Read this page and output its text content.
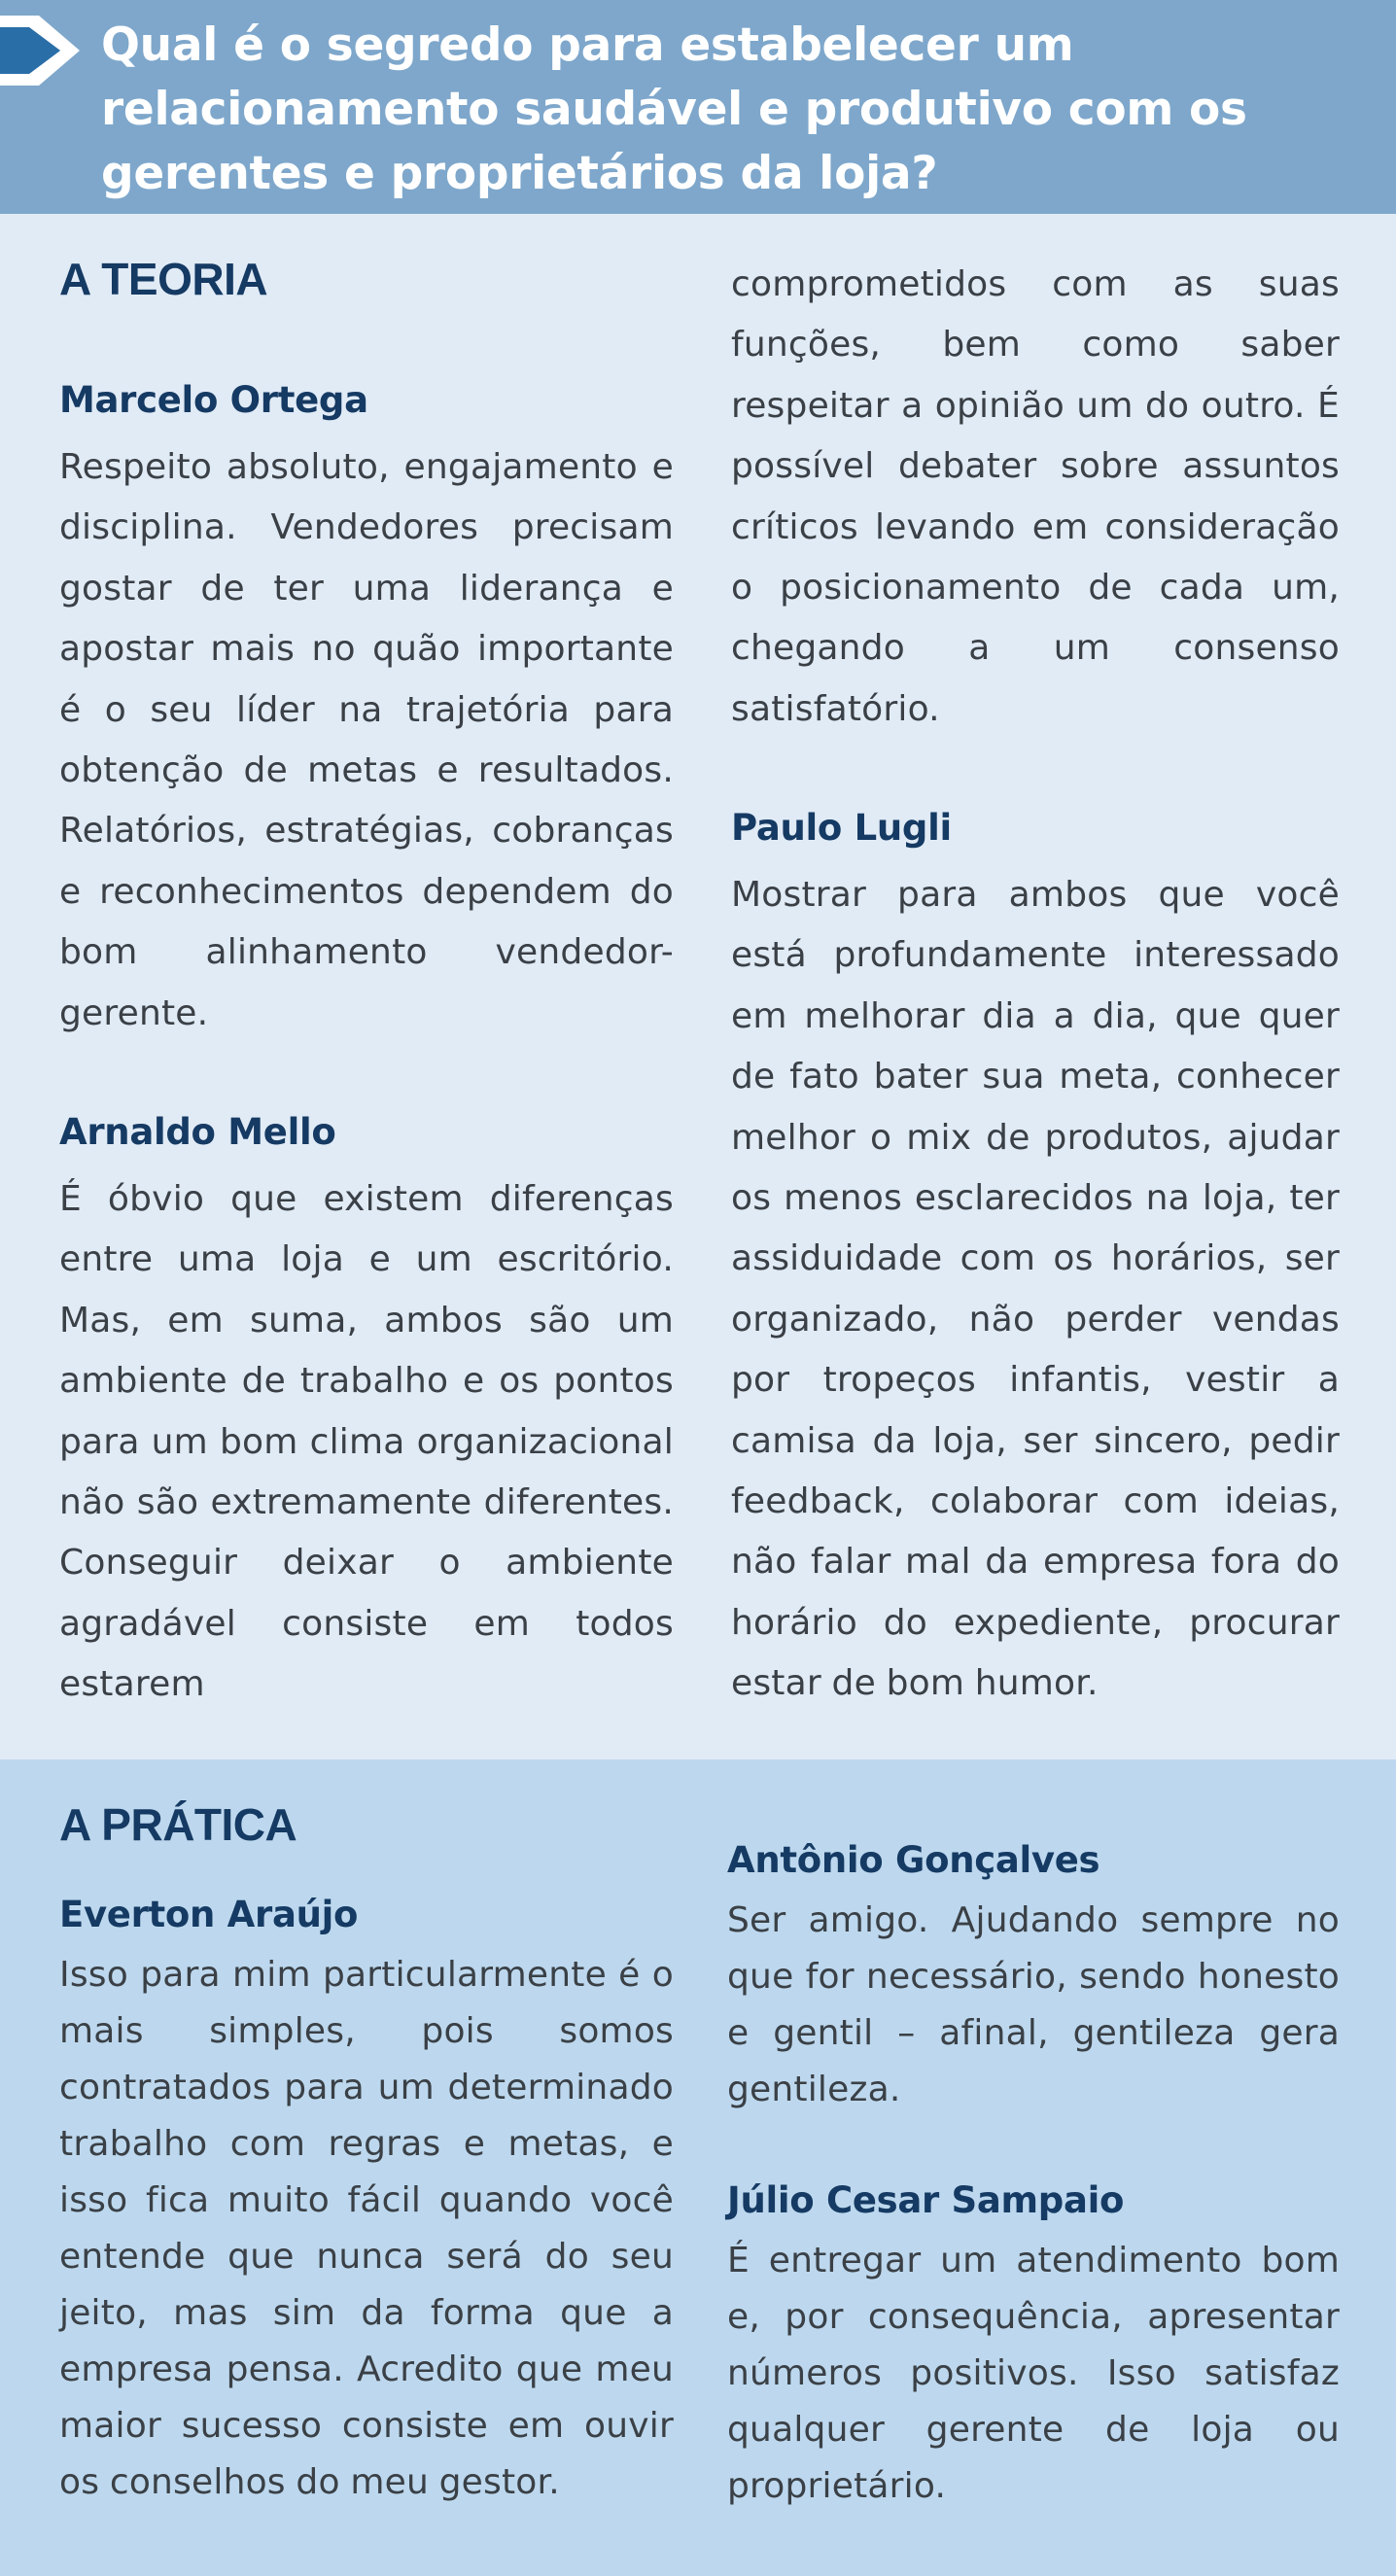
Qual é o segredo para estabelecer um relacionamento saudável e produtivo com os gerentes e proprietários da loja?
A TEORIA
Marcelo Ortega

Respeito absoluto, engajamento e disciplina. Vendedores precisam gostar de ter uma liderança e apostar mais no quão importante é o seu líder na trajetória para obtenção de metas e resultados. Relatórios, estratégias, cobranças e reconhecimentos dependem do bom alinhamento vendedor-gerente.

Arnaldo Mello

É óbvio que existem diferenças entre uma loja e um escritório. Mas, em suma, ambos são um ambiente de trabalho e os pontos para um bom clima organizacional não são extremamente diferentes. Conseguir deixar o ambiente agradável consiste em todos estarem

comprometidos com as suas funções, bem como saber respeitar a opinião um do outro. É possível debater sobre assuntos críticos levando em consideração o posicionamento de cada um, chegando a um consenso satisfatório.

Paulo Lugli

Mostrar para ambos que você está profundamente interessado em melhorar dia a dia, que quer de fato bater sua meta, conhecer melhor o mix de produtos, ajudar os menos esclarecidos na loja, ter assiduidade com os horários, ser organizado, não perder vendas por tropeços infantis, vestir a camisa da loja, ser sincero, pedir feedback, colaborar com ideias, não falar mal da empresa fora do horário do expediente, procurar estar de bom humor.

A PRÁTICA
Everton Araújo

Isso para mim particularmente é o mais simples, pois somos contratados para um determinado trabalho com regras e metas, e isso fica muito fácil quando você entende que nunca será do seu jeito, mas sim da forma que a empresa pensa. Acredito que meu maior sucesso consiste em ouvir os conselhos do meu gestor.

Antônio Gonçalves

Ser amigo. Ajudando sempre no que for necessário, sendo honesto e gentil – afinal, gentileza gera gentileza.

Júlio Cesar Sampaio

É entregar um atendimento bom e, por consequência, apresentar números positivos. Isso satisfaz qualquer gerente de loja ou proprietário.
